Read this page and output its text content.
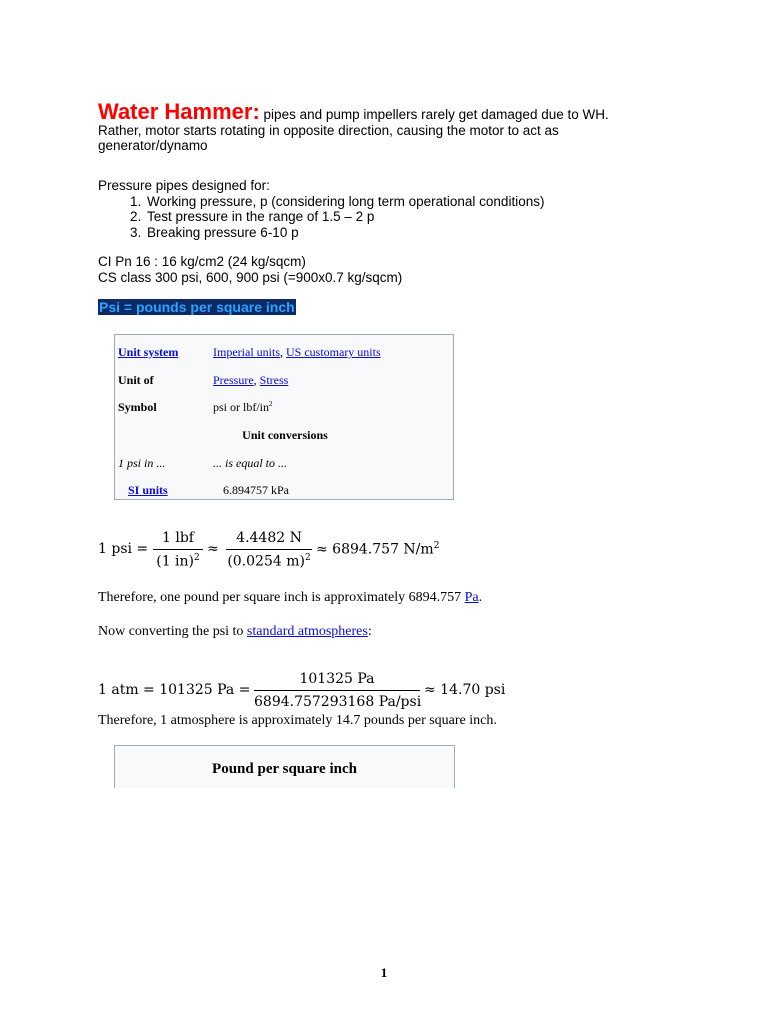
Water Hammer: pipes and pump impellers rarely get damaged due to WH.
Rather, motor starts rotating in opposite direction, causing the motor to act as
generator/dynamo
Pressure pipes designed for:
1. Working pressure, p (considering long term operational conditions)
2. Test pressure in the range of 1.5 – 2 p
3. Breaking pressure 6-10 p
CI Pn 16 : 16 kg/cm2 (24 kg/sqcm)
CS class 300 psi, 600, 900 psi (=900x0.7 kg/sqcm)
Psi = pounds per square inch
Unit system	Imperial units, US customary units
Unit of	Pressure, Stress
Symbol	psi or lbf/$in^2$
Unit conversions
1 psi in ...	... is equal to ...
SI units	6.894757 kPa
1 psi =
1 lbf
(1 in)$^2$
≈
4.4482 N
(0.0254 m)$^2$
≈ 6894.757 $N/m^2$
Therefore, one pound per square inch is approximately 6894.757 Pa.
Now converting the psi to standard atmospheres:
1 atm = 101325 Pa =
101325 Pa
6894.757293168 Pa/psi
≈ 14.70 psi
Therefore, 1 atmosphere is approximately 14.7 pounds per square inch.
Pound per square inch
1
